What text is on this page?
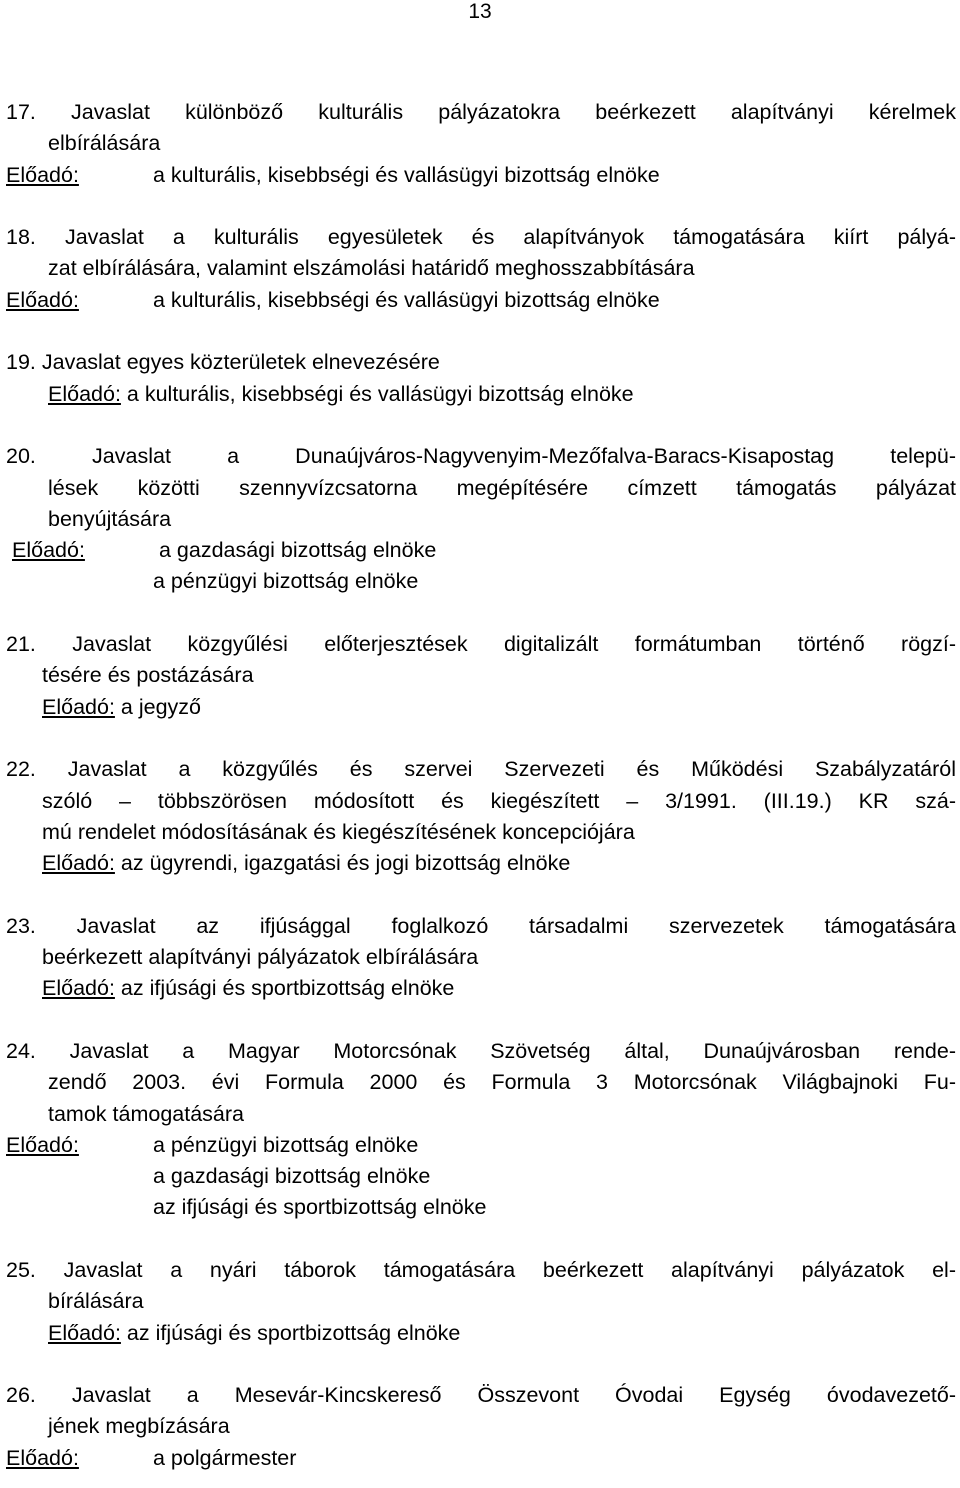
13
17. Javaslat különböző kulturális pályázatokra beérkezett alapítványi kérelmek
elbírálására
Előadó:	a kulturális, kisebbségi és vallásügyi bizottság elnöke
18. Javaslat a kulturális egyesületek és alapítványok támogatására kiírt pályá-
zat elbírálására, valamint elszámolási határidő meghosszabbítására
Előadó:	a kulturális, kisebbségi és vallásügyi bizottság elnöke
19. Javaslat egyes közterületek elnevezésére
Előadó: a kulturális, kisebbségi és vallásügyi bizottság elnöke
20. Javaslat a Dunaújváros-Nagyvenyim-Mezőfalva-Baracs-Kisapostag telepü-
lések közötti szennyvízcsatorna megépítésére címzett támogatás pályázat
benyújtására
Előadó:	a gazdasági bizottság elnöke
a pénzügyi bizottság elnöke
21. Javaslat közgyűlési előterjesztések digitalizált formátumban történő rögzí-
tésére és postázására
Előadó: a jegyző
22. Javaslat a közgyűlés és szervei Szervezeti és Működési Szabályzatáról
szóló – többszörösen módosított és kiegészített – 3/1991. (III.19.) KR szá-
mú rendelet módosításának és kiegészítésének koncepciójára
Előadó: az ügyrendi, igazgatási és jogi bizottság elnöke
23. Javaslat az ifjúsággal foglalkozó társadalmi szervezetek támogatására
beérkezett alapítványi pályázatok elbírálására
Előadó: az ifjúsági és sportbizottság elnöke
24. Javaslat a Magyar Motorcsónak Szövetség által, Dunaújvárosban rende-
zendő 2003. évi Formula 2000 és Formula 3 Motorcsónak Világbajnoki Fu-
tamok támogatására
Előadó:	a pénzügyi bizottság elnöke
a gazdasági bizottság elnöke
az ifjúsági és sportbizottság elnöke
25. Javaslat a nyári táborok támogatására beérkezett alapítványi pályázatok el-
bírálására
Előadó: az ifjúsági és sportbizottság elnöke
26. Javaslat a Mesevár-Kincskereső Összevont Óvodai Egység óvodavezető-
jének megbízására
Előadó:	a polgármester
